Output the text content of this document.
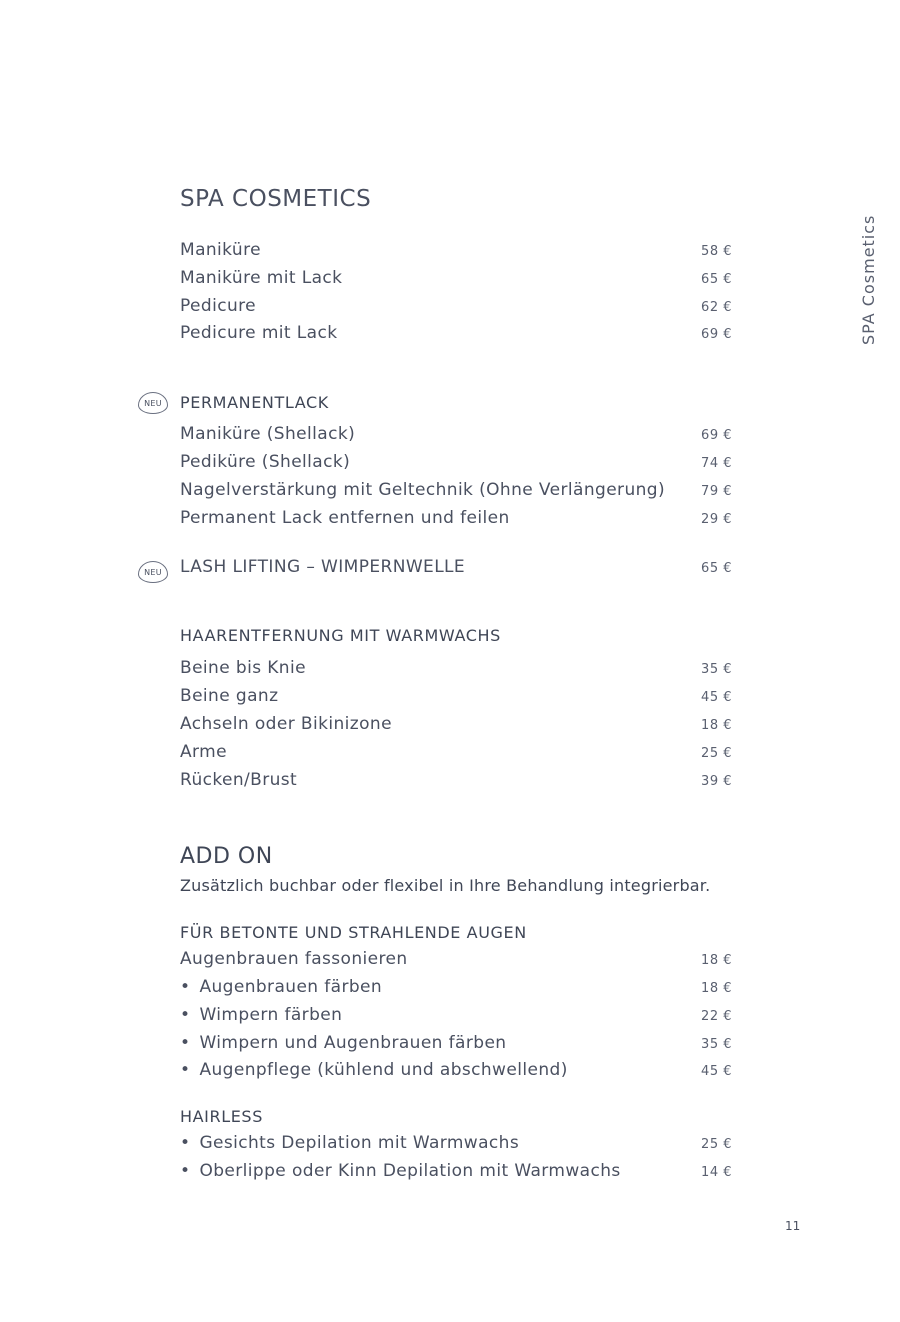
SPA COSMETICS
SPA Cosmetics
Maniküre	58 €
Maniküre mit Lack	65 €
Pedicure	62 €
Pedicure mit Lack	69 €
NEU	PERMANENTLACK
Maniküre (Shellack)	69 €
Pediküre (Shellack)	74 €
Nagelverstärkung mit Geltechnik (Ohne Verlängerung)	79 €
Permanent Lack entfernen und feilen	29 €
NEU	LASH LIFTING – WIMPERNWELLE	65 €
HAARENTFERNUNG MIT WARMWACHS
Beine bis Knie	35 €
Beine ganz	45 €
Achseln oder Bikinizone	18 €
Arme	25 €
Rücken/Brust	39 €
ADD ON
Zusätzlich buchbar oder flexibel in Ihre Behandlung integrierbar.
FÜR BETONTE UND STRAHLENDE AUGEN
Augenbrauen fassonieren	18 €
• Augenbrauen färben	18 €
• Wimpern färben	22 €
• Wimpern und Augenbrauen färben	35 €
• Augenpflege (kühlend und abschwellend)	45 €
HAIRLESS
• Gesichts Depilation mit Warmwachs	25 €
• Oberlippe oder Kinn Depilation mit Warmwachs	14 €
11
